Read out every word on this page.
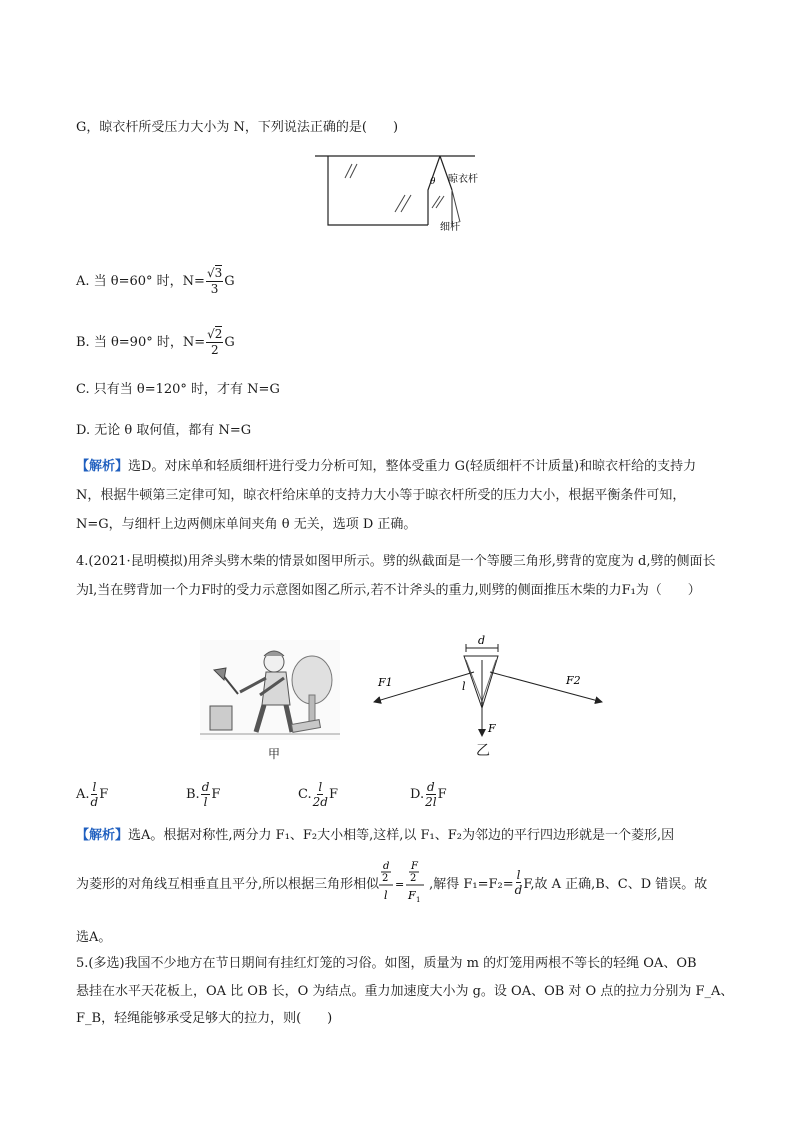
G，晾衣杆所受压力大小为 N，下列说法正确的是(　　)
θ 晾衣杆
细杆
A. 当 θ=60° 时，$N= \frac{√3}{3}$ G
B. 当 θ=90° 时，$N= \frac{√2}{2}$ G
C. 只有当 θ=120° 时，才有 N=G
D. 无论 θ 取何值，都有 N=G
【解析】选D。对床单和轻质细杆进行受力分析可知，整体受重力 G(轻质细杆不计质量)和晾衣杆给的支持力 N，根据牛顿第三定律可知，晾衣杆给床单的支持力大小等于晾衣杆所受的压力大小，根据平衡条件可知，N=G，与细杆上边两侧床单间夹角 θ 无关，选项 D 正确。
4.(2021·昆明模拟)用斧头劈木柴的情景如图甲所示。劈的纵截面是一个等腰三角形,劈背的宽度为 d,劈的侧面长为l,当在劈背加一个力F时的受力示意图如图乙所示,若不计斧头的重力,则劈的侧面推压木柴的力F₁为（　　）
甲
d
l
F1	F2
F
乙
A. $\frac{l}{d}$ F	B. $\frac{d}{l}$ F	C. $\frac{l}{2d}$ F	D. $\frac{d}{2l}$ F
【解析】选A。根据对称性,两分力 F₁、F₂大小相等,这样,以 F₁、F₂为邻边的平行四边形就是一个菱形,因
为菱形的对角线互相垂直且平分,所以根据三角形相似
d
2
l
=
F
2
F 1
,解得 $F_1=F_2= \frac{l}{d} F$,故 A 正确,B、C、D 错误。故
选A。
5.(多选)我国不少地方在节日期间有挂红灯笼的习俗。如图，质量为 m 的灯笼用两根不等长的轻绳 OA、OB
悬挂在水平天花板上，OA 比 OB 长，O 为结点。重力加速度大小为 g。设 OA、OB 对 O 点的拉力分别为 F_A、
F_B，轻绳能够承受足够大的拉力，则(　　)
